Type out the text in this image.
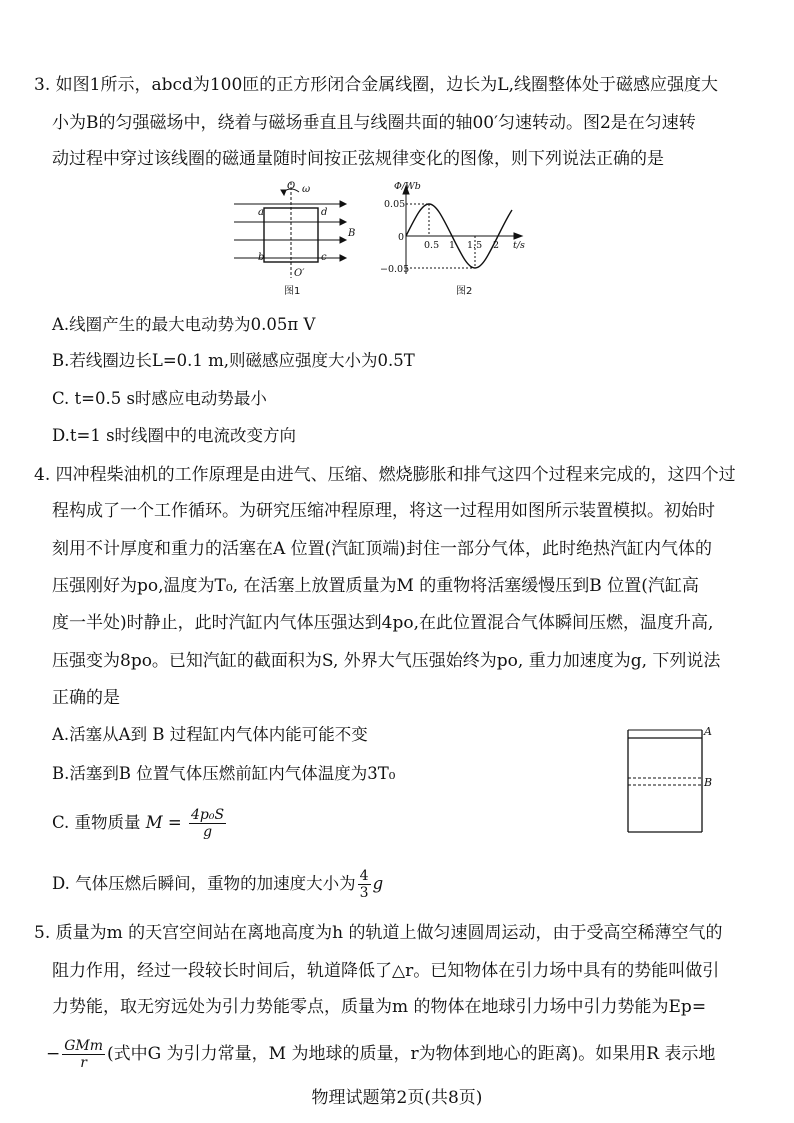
3. 如图1所示，abcd为100匝的正方形闭合金属线圈，边长为L,线圈整体处于磁感应强度大
小为B的匀强磁场中，绕着与磁场垂直且与线圈共面的轴00′匀速转动。图2是在匀速转
动过程中穿过该线圈的磁通量随时间按正弦规律变化的图像，则下列说法正确的是
O ω
a	d
b	c
B
O′
图1
Φ/Wb
0.05
0
−0.05
0.5 1 1.5 2 t/s
图2
A.线圈产生的最大电动势为0.05π V
B.若线圈边长L=0.1 m,则磁感应强度大小为0.5T
C. t=0.5 s时感应电动势最小
D.t=1 s时线圈中的电流改变方向
4. 四冲程柴油机的工作原理是由进气、压缩、燃烧膨胀和排气这四个过程来完成的，这四个过
程构成了一个工作循环。为研究压缩冲程原理，将这一过程用如图所示装置模拟。初始时
刻用不计厚度和重力的活塞在A 位置(汽缸顶端)封住一部分气体，此时绝热汽缸内气体的
压强刚好为po,温度为T₀, 在活塞上放置质量为M 的重物将活塞缓慢压到B 位置(汽缸高
度一半处)时静止，此时汽缸内气体压强达到4po,在此位置混合气体瞬间压燃，温度升高,
压强变为8po。已知汽缸的截面积为S, 外界大气压强始终为po, 重力加速度为g, 下列说法
正确的是
A.活塞从A到 B 过程缸内气体内能可能不变
B.活塞到B 位置气体压燃前缸内气体温度为3T₀
C. 重物质量 $M = \frac{\text{4p₀S}}{g}$
D. 气体压燃后瞬间，重物的加速度大小为 $\frac{4}{3}$ g
A
B
5. 质量为m 的天宫空间站在离地高度为h 的轨道上做匀速圆周运动，由于受高空稀薄空气的
阻力作用，经过一段较长时间后，轨道降低了△r。已知物体在引力场中具有的势能叫做引
力势能，取无穷远处为引力势能零点，质量为m 的物体在地球引力场中引力势能为Ep=
− $\frac{\text{GMm}}{r}$ (式中G 为引力常量，M 为地球的质量，r为物体到地心的距离)。如果用R 表示地
物理试题第2页(共8页)
